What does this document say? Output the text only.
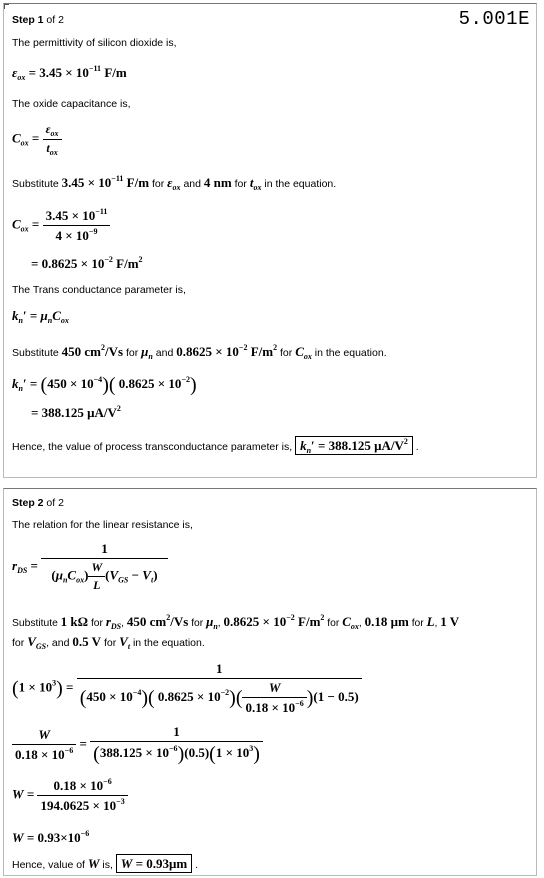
Step 1 of 2	5.001E
The permittivity of silicon dioxide is,
$\varepsilon_{ox} = 3.45 \times 10^{-11}$ F/m
The oxide capacitance is,
$C_{ox} = \frac{\varepsilon_{ox}}{t_{ox}}$
Substitute $3.45 \times 10^{-11}$ F/m for $\varepsilon_{ox}$ and 4 nm for $t_{ox}$ in the equation.
$C_{ox} = \frac{3.45 \times 10^{-11}}{4 \times 10^{-9}}$
= $0.8625 \times 10^{-2}$ $F/m^2$
The Trans conductance parameter is,
$k_n' = \mu_nC_{ox}$
Substitute 450 $cm^2/Vs$ for $\mu_n$ and $0.8625 \times 10^{-2}$ $F/m^2$ for $C_{ox}$ in the equation.
$k_n' = (450 \times 10^{-4})$( $0.8625 \times 10^{-2}$)
= 388.125 $\mu A/V^2$
Hence, the value of process transconductance parameter is, $k_n' = 388.125$ $\mu A/V^2$ .
Step 2 of 2
The relation for the linear resistance is,
$r_{DS} = \frac{1}{(\mu_nC_{ox}) \frac{W}{L} (V_{GS} - V_t)}$
Substitute 1 kΩ for $r_{DS}$, 450 $cm^2/Vs$ for $\mu_n$, $0.8625 \times 10^{-2}$ $F/m^2$ for $C_{ox}$, 0.18 μm for L, 1 V
for $V_{GS}$, and 0.5 V for $V_t$ in the equation.
$(1 \times 10^3) = \frac{1}{(450 \times 10^{-4})( 0.8625 \times 10^{-2})( \frac{W}{0.18 \times 10^{-6}} )(1 - 0.5)}$
$\frac{W}{0.18 \times 10^{-6}} = \frac{1}{(388.125 \times 10^{-6})(0.5)(1 \times 10^3)}$
$W = \frac{0.18 \times 10^{-6}}{194.0625 \times 10^{-3}}$
$W = 0.93\times 10^{-6}$
Hence, value of W is, W = 0.93μm .
